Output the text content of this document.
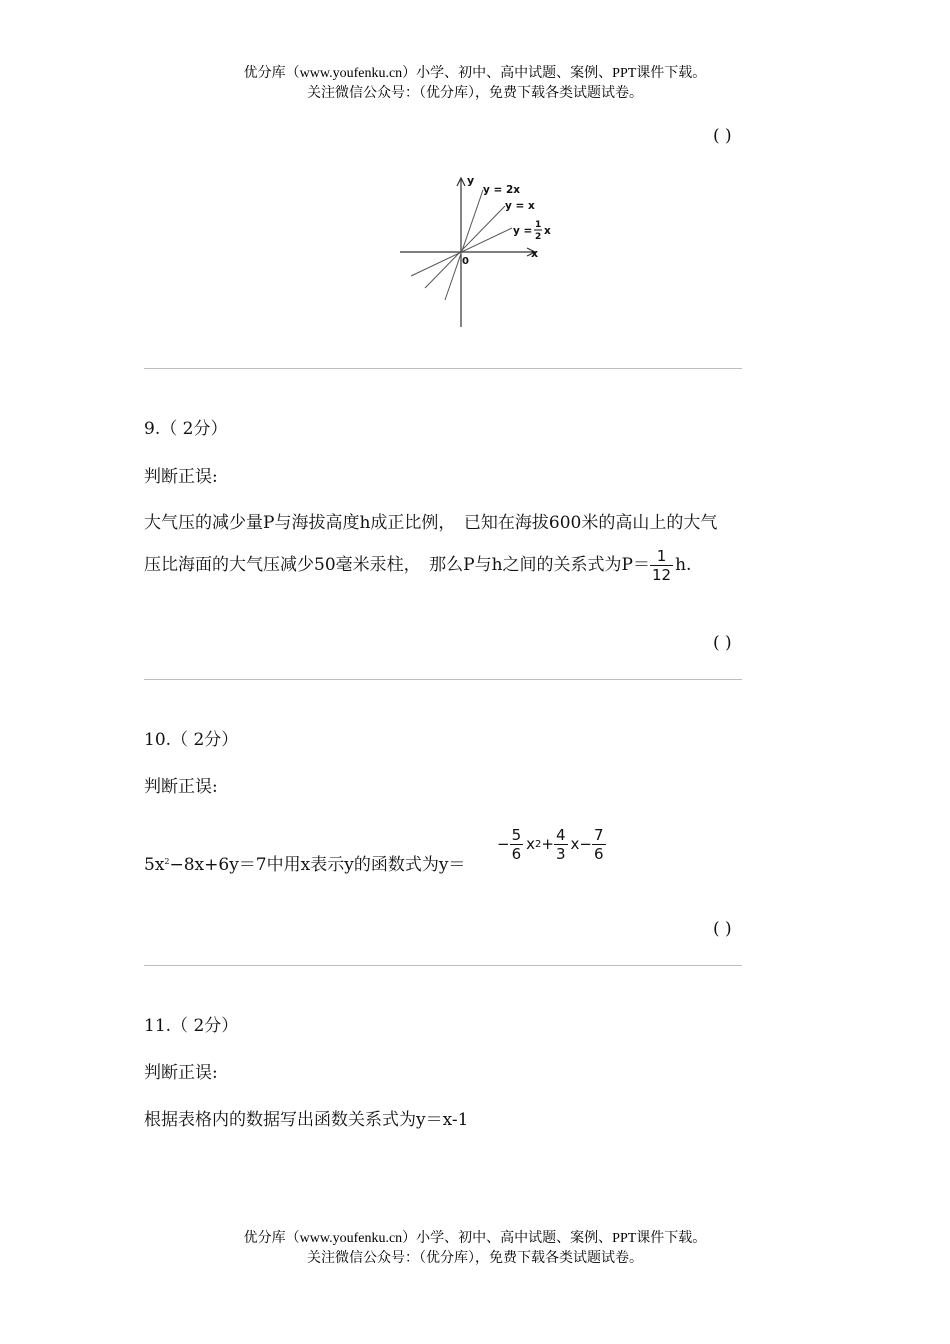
优分库（www.youfenku.cn）小学、初中、高中试题、案例、PPT课件下载。
关注微信公众号：（优分库），免费下载各类试题试卷。
( )
y
x
0
y = 2x
y = x
y = 1
2 x
9.（ 2分）
判断正误:
大气压的减少量P与海拔高度h成正比例，　已知在海拔600米的高山上的大气
压比海面的大气压减少50毫米汞柱，　那么P与h之间的关系式为$P= \frac{1}{12} h$.
( )
10.（ 2分）
判断正误:
$5x^2-8x+6y=7$中用x表示y的函数式为y＝
− $\frac{5}{6}$ x $2 + \frac{4}{3}$ $x - \frac{7}{6}$
( )
11.（ 2分）
判断正误:
根据表格内的数据写出函数关系式为y＝x-1
优分库（www.youfenku.cn）小学、初中、高中试题、案例、PPT课件下载。
关注微信公众号：（优分库），免费下载各类试题试卷。
